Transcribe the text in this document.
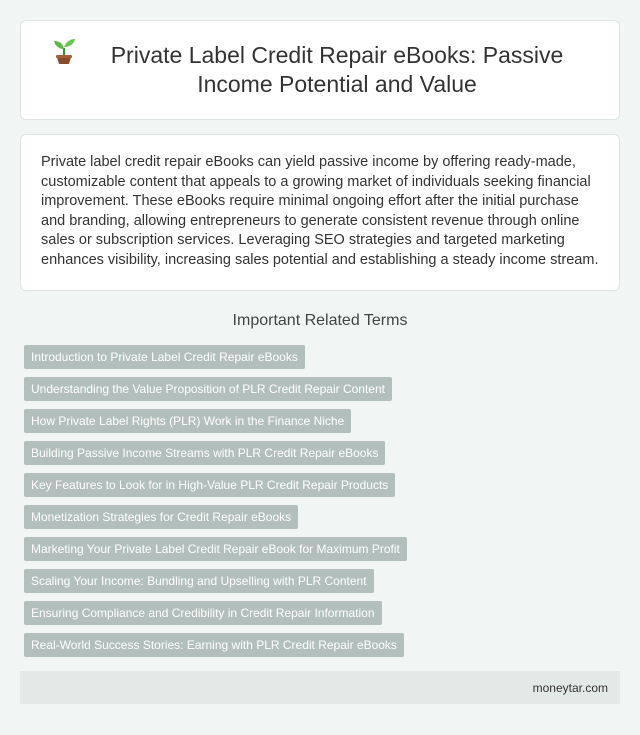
Private Label Credit Repair eBooks: Passive Income Potential and Value

Private label credit repair eBooks can yield passive income by offering ready-made, customizable content that appeals to a growing market of individuals seeking financial improvement. These eBooks require minimal ongoing effort after the initial purchase and branding, allowing entrepreneurs to generate consistent revenue through online sales or subscription services. Leveraging SEO strategies and targeted marketing enhances visibility, increasing sales potential and establishing a steady income stream.

Important Related Terms
Introduction to Private Label Credit Repair eBooks
Understanding the Value Proposition of PLR Credit Repair Content
How Private Label Rights (PLR) Work in the Finance Niche
Building Passive Income Streams with PLR Credit Repair eBooks
Key Features to Look for in High-Value PLR Credit Repair Products
Monetization Strategies for Credit Repair eBooks
Marketing Your Private Label Credit Repair eBook for Maximum Profit
Scaling Your Income: Bundling and Upselling with PLR Content
Ensuring Compliance and Credibility in Credit Repair Information
Real-World Success Stories: Earning with PLR Credit Repair eBooks
moneytar.com
